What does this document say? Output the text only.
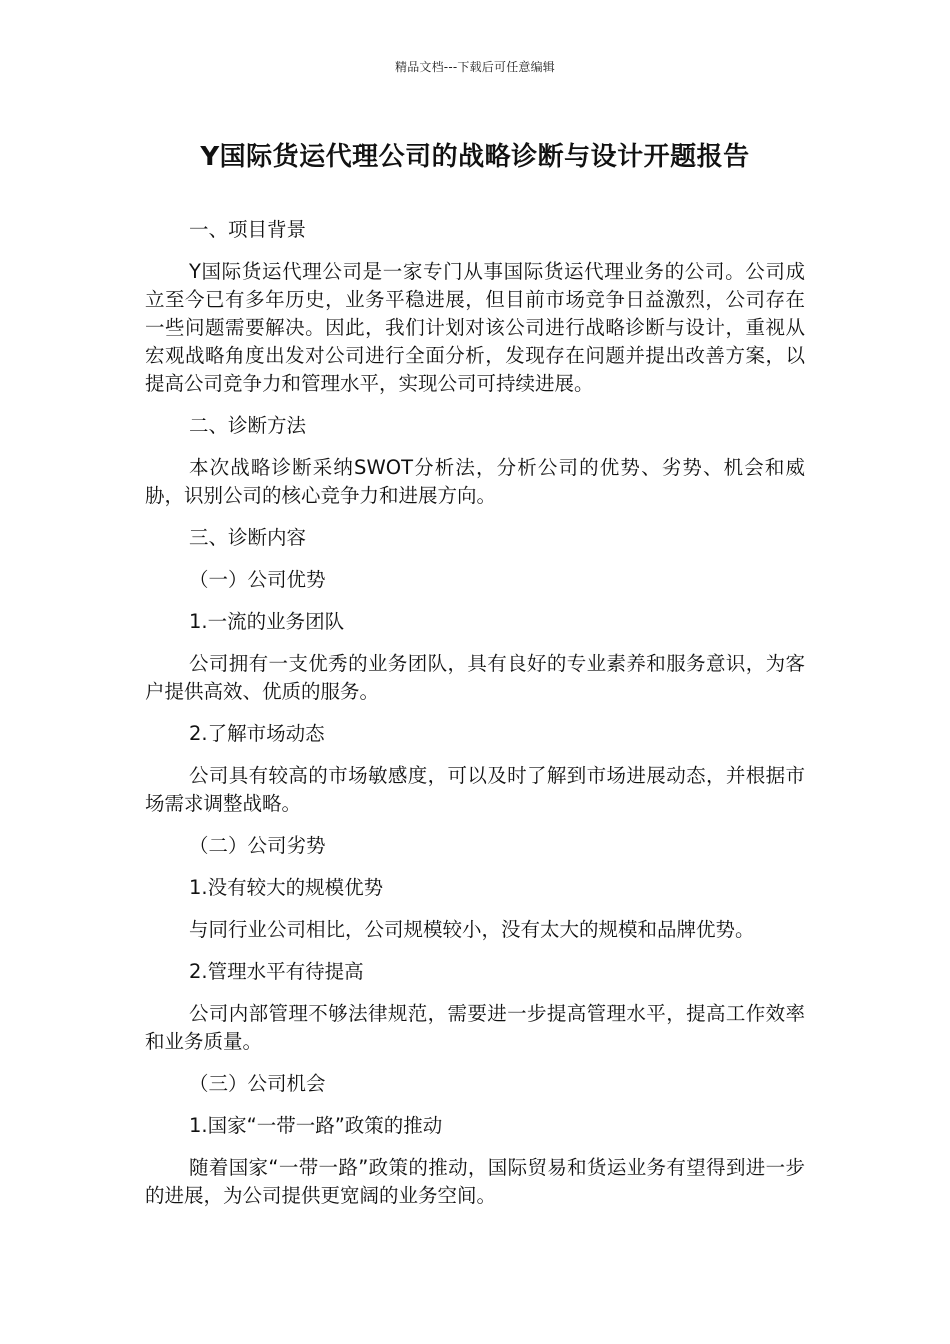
精品文档---下载后可任意编辑
Y国际货运代理公司的战略诊断与设计开题报告

一、项目背景

Y国际货运代理公司是一家专门从事国际货运代理业务的公司。公司成立至今已有多年历史，业务平稳进展，但目前市场竞争日益激烈，公司存在一些问题需要解决。因此，我们计划对该公司进行战略诊断与设计，重视从宏观战略角度出发对公司进行全面分析，发现存在问题并提出改善方案，以提高公司竞争力和管理水平，实现公司可持续进展。

二、诊断方法

本次战略诊断采纳SWOT分析法，分析公司的优势、劣势、机会和威胁，识别公司的核心竞争力和进展方向。

三、诊断内容

（一）公司优势

1.一流的业务团队

公司拥有一支优秀的业务团队，具有良好的专业素养和服务意识，为客户提供高效、优质的服务。

2.了解市场动态

公司具有较高的市场敏感度，可以及时了解到市场进展动态，并根据市场需求调整战略。

（二）公司劣势

1.没有较大的规模优势

与同行业公司相比，公司规模较小，没有太大的规模和品牌优势。

2.管理水平有待提高

公司内部管理不够法律规范，需要进一步提高管理水平，提高工作效率和业务质量。

（三）公司机会

1.国家“一带一路”政策的推动

随着国家“一带一路”政策的推动，国际贸易和货运业务有望得到进一步的进展，为公司提供更宽阔的业务空间。
